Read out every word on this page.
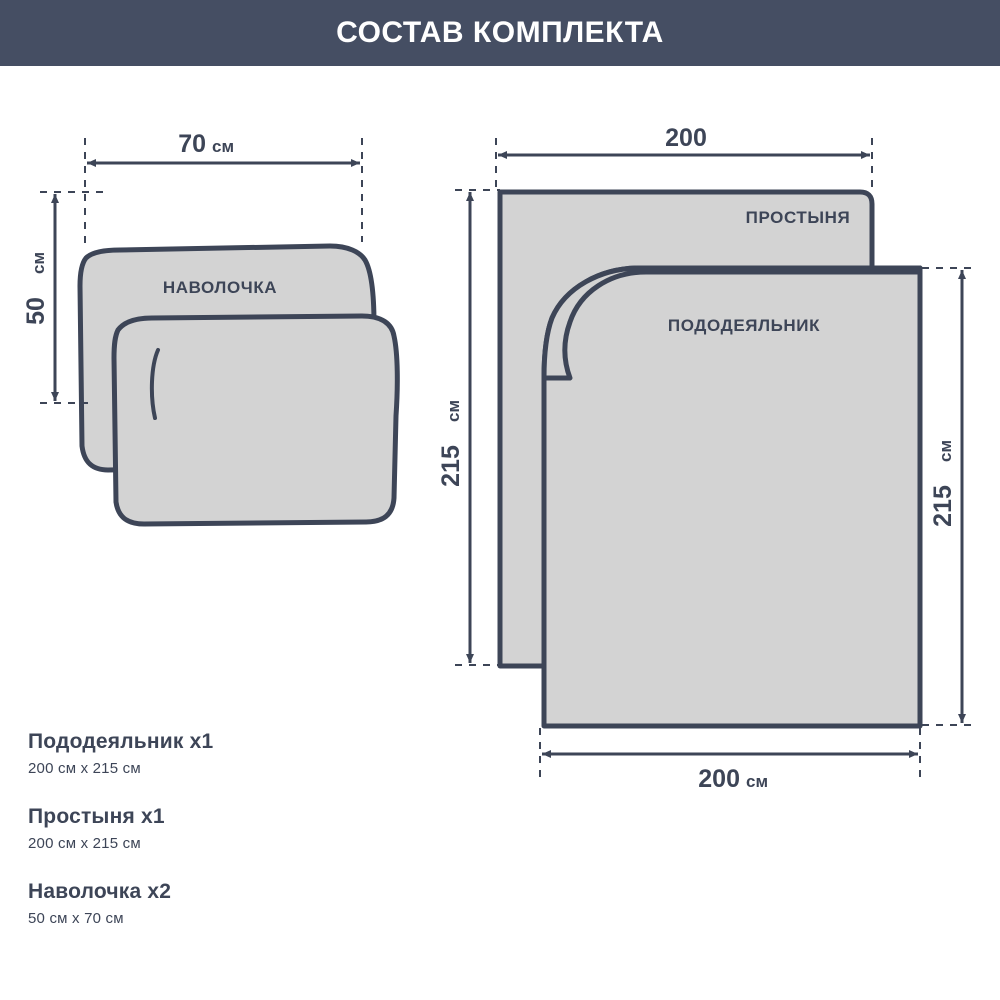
СОСТАВ КОМПЛЕКТА
НАВОЛОЧКА
70 см
50
см
ПРОСТЫНЯ
200
215
см
ПОДОДЕЯЛЬНИК
200 см
215
см

Пододеяльник x1

200 см x 215 см

Простыня x1

200 см x 215 см

Наволочка x2

50 см x 70 см
